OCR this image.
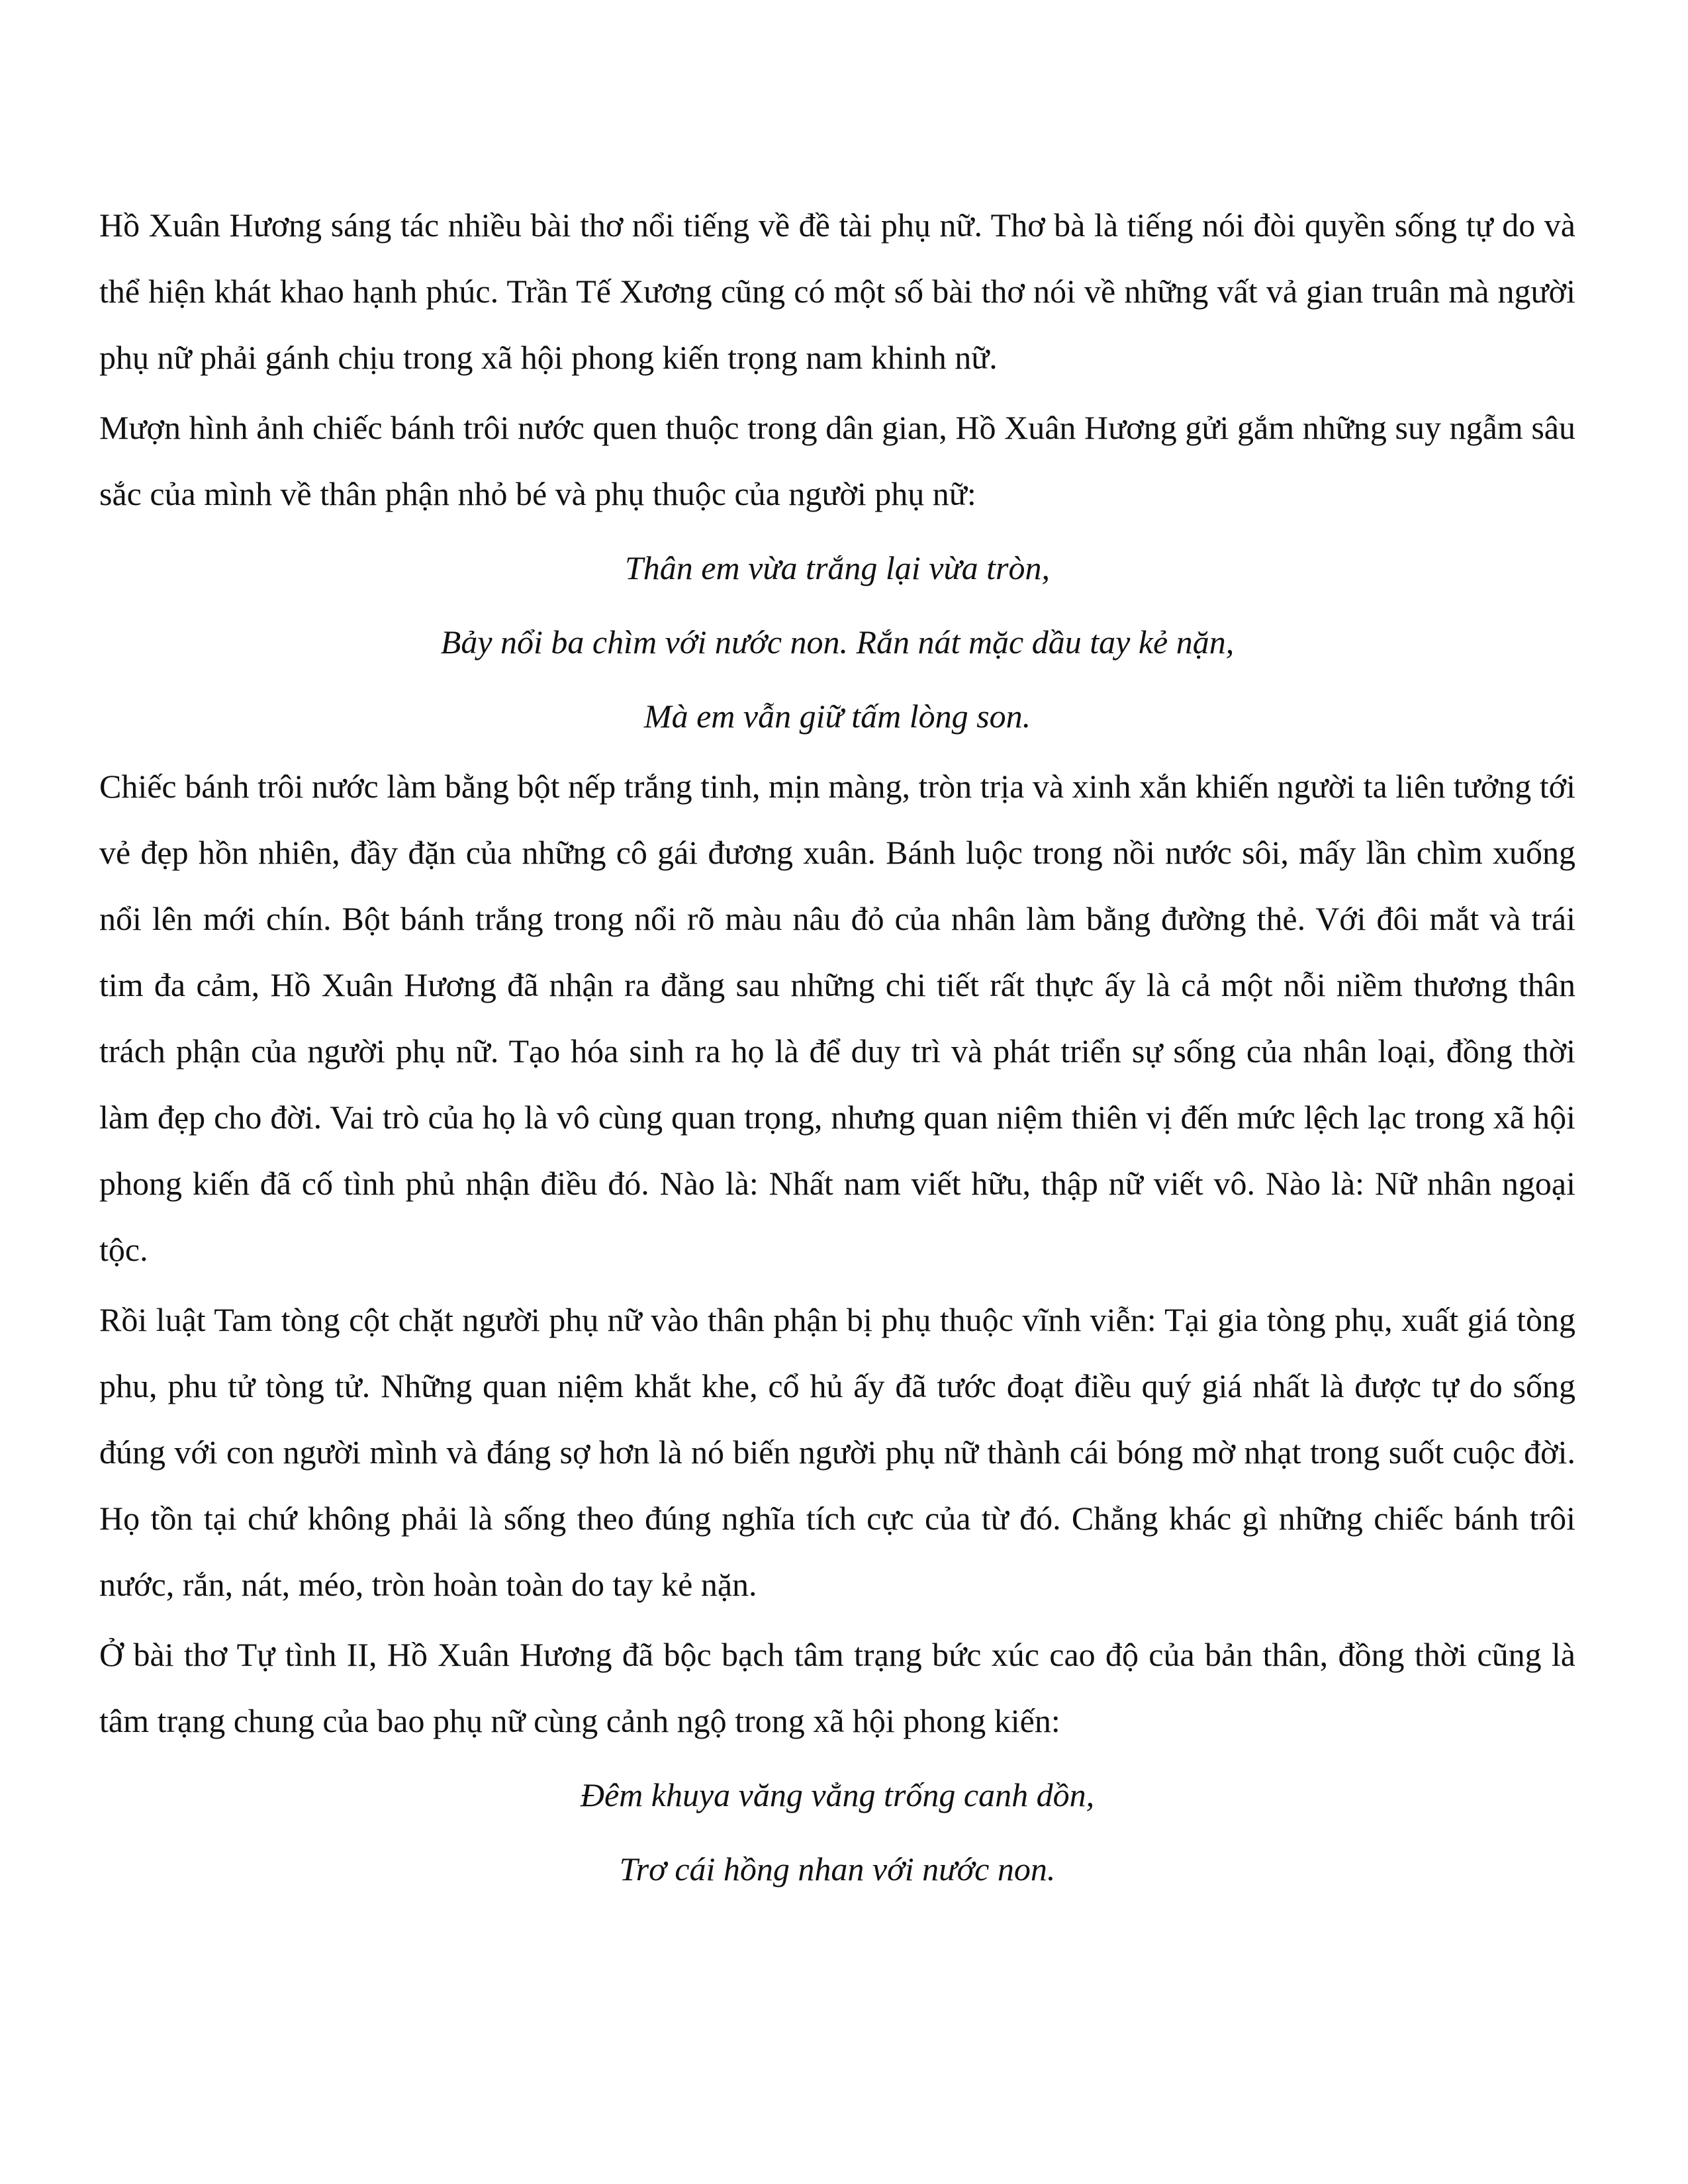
Hồ Xuân Hương sáng tác nhiều bài thơ nổi tiếng về đề tài phụ nữ. Thơ bà là tiếng nói đòi quyền sống tự do và thể hiện khát khao hạnh phúc. Trần Tế Xương cũng có một số bài thơ nói về những vất vả gian truân mà người phụ nữ phải gánh chịu trong xã hội phong kiến trọng nam khinh nữ.

Mượn hình ảnh chiếc bánh trôi nước quen thuộc trong dân gian, Hồ Xuân Hương gửi gắm những suy ngẫm sâu sắc của mình về thân phận nhỏ bé và phụ thuộc của người phụ nữ:

Thân em vừa trắng lại vừa tròn,

Bảy nổi ba chìm với nước non. Rắn nát mặc dầu tay kẻ nặn,

Mà em vẫn giữ tấm lòng son.

Chiếc bánh trôi nước làm bằng bột nếp trắng tinh, mịn màng, tròn trịa và xinh xắn khiến người ta liên tưởng tới vẻ đẹp hồn nhiên, đầy đặn của những cô gái đương xuân. Bánh luộc trong nồi nước sôi, mấy lần chìm xuống nổi lên mới chín. Bột bánh trắng trong nổi rõ màu nâu đỏ của nhân làm bằng đường thẻ. Với đôi mắt và trái tim đa cảm, Hồ Xuân Hương đã nhận ra đằng sau những chi tiết rất thực ấy là cả một nỗi niềm thương thân trách phận của người phụ nữ. Tạo hóa sinh ra họ là để duy trì và phát triển sự sống của nhân loại, đồng thời làm đẹp cho đời. Vai trò của họ là vô cùng quan trọng, nhưng quan niệm thiên vị đến mức lệch lạc trong xã hội phong kiến đã cố tình phủ nhận điều đó. Nào là: Nhất nam viết hữu, thập nữ viết vô. Nào là: Nữ nhân ngoại tộc.

Rồi luật Tam tòng cột chặt người phụ nữ vào thân phận bị phụ thuộc vĩnh viễn: Tại gia tòng phụ, xuất giá tòng phu, phu tử tòng tử. Những quan niệm khắt khe, cổ hủ ấy đã tước đoạt điều quý giá nhất là được tự do sống đúng với con người mình và đáng sợ hơn là nó biến người phụ nữ thành cái bóng mờ nhạt trong suốt cuộc đời. Họ tồn tại chứ không phải là sống theo đúng nghĩa tích cực của từ đó. Chẳng khác gì những chiếc bánh trôi nước, rắn, nát, méo, tròn hoàn toàn do tay kẻ nặn.

Ở bài thơ Tự tình II, Hồ Xuân Hương đã bộc bạch tâm trạng bức xúc cao độ của bản thân, đồng thời cũng là tâm trạng chung của bao phụ nữ cùng cảnh ngộ trong xã hội phong kiến:

Đêm khuya văng vẳng trống canh dồn,

Trơ cái hồng nhan với nước non.
